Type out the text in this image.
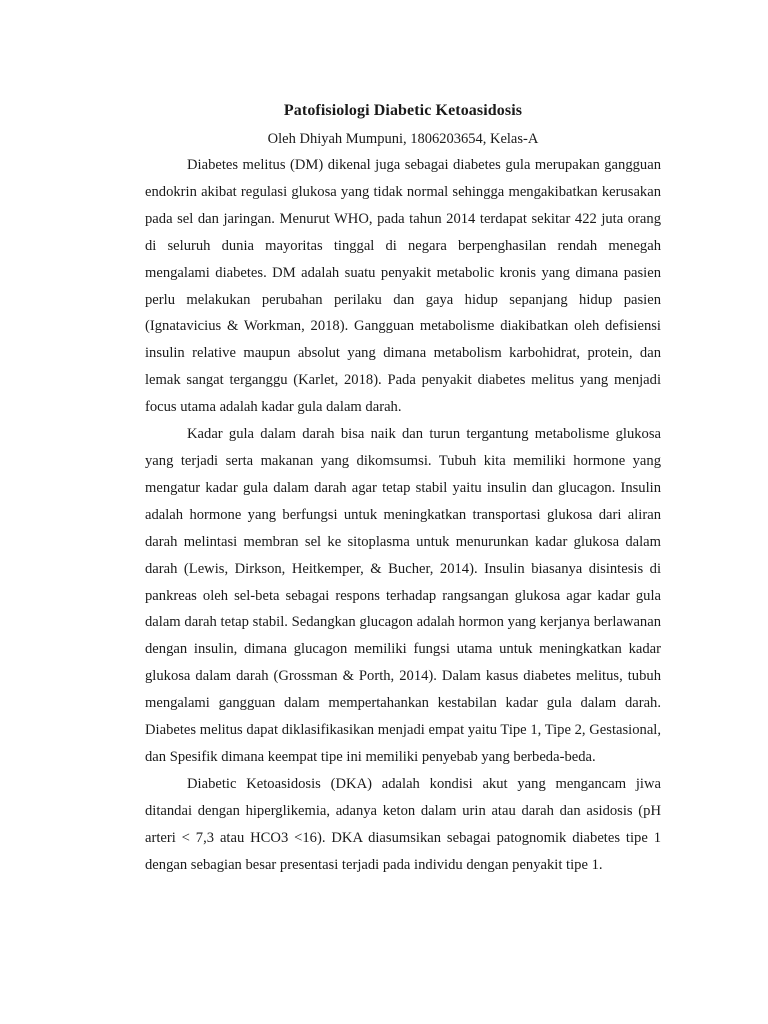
Patofisiologi Diabetic Ketoasidosis
Oleh Dhiyah Mumpuni, 1806203654, Kelas-A

Diabetes melitus (DM) dikenal juga sebagai diabetes gula merupakan gangguan endokrin akibat regulasi glukosa yang tidak normal sehingga mengakibatkan kerusakan pada sel dan jaringan. Menurut WHO, pada tahun 2014 terdapat sekitar 422 juta orang di seluruh dunia mayoritas tinggal di negara berpenghasilan rendah menegah mengalami diabetes. DM adalah suatu penyakit metabolic kronis yang dimana pasien perlu melakukan perubahan perilaku dan gaya hidup sepanjang hidup pasien (Ignatavicius & Workman, 2018). Gangguan metabolisme diakibatkan oleh defisiensi insulin relative maupun absolut yang dimana metabolism karbohidrat, protein, dan lemak sangat terganggu (Karlet, 2018). Pada penyakit diabetes melitus yang menjadi focus utama adalah kadar gula dalam darah.

Kadar gula dalam darah bisa naik dan turun tergantung metabolisme glukosa yang terjadi serta makanan yang dikomsumsi. Tubuh kita memiliki hormone yang mengatur kadar gula dalam darah agar tetap stabil yaitu insulin dan glucagon. Insulin adalah hormone yang berfungsi untuk meningkatkan transportasi glukosa dari aliran darah melintasi membran sel ke sitoplasma untuk menurunkan kadar glukosa dalam darah (Lewis, Dirkson, Heitkemper, & Bucher, 2014). Insulin biasanya disintesis di pankreas oleh sel-beta sebagai respons terhadap rangsangan glukosa agar kadar gula dalam darah tetap stabil. Sedangkan glucagon adalah hormon yang kerjanya berlawanan dengan insulin, dimana glucagon memiliki fungsi utama untuk meningkatkan kadar glukosa dalam darah (Grossman & Porth, 2014). Dalam kasus diabetes melitus, tubuh mengalami gangguan dalam mempertahankan kestabilan kadar gula dalam darah. Diabetes melitus dapat diklasifikasikan menjadi empat yaitu Tipe 1, Tipe 2, Gestasional, dan Spesifik dimana keempat tipe ini memiliki penyebab yang berbeda-beda.

Diabetic Ketoasidosis (DKA) adalah kondisi akut yang mengancam jiwa ditandai dengan hiperglikemia, adanya keton dalam urin atau darah dan asidosis (pH arteri < 7,3 atau HCO3 <16). DKA diasumsikan sebagai patognomik diabetes tipe 1 dengan sebagian besar presentasi terjadi pada individu dengan penyakit tipe 1.
